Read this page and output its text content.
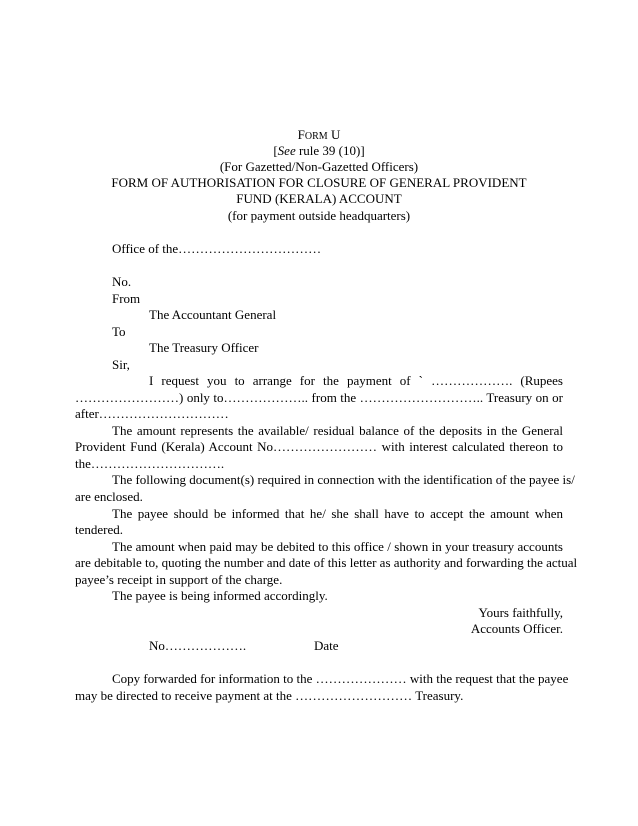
FORM U
[See rule 39 (10)]
(For Gazetted/Non-Gazetted Officers)
FORM OF AUTHORISATION FOR CLOSURE OF GENERAL PROVIDENT
FUND (KERALA) ACCOUNT
(for payment outside headquarters)
Office of the……………………………
No.
From
The Accountant General
To
The Treasury Officer
Sir,
I request you to arrange for the payment of ` ………………. (Rupees
……………………) only to……………….. from the ……………………….. Treasury on or
after…………………………
The amount represents the available/ residual balance of the deposits in the General
Provident Fund (Kerala) Account No…………………… with interest calculated thereon to
the………………………….
The following document(s) required in connection with the identification of the payee is/
are enclosed.
The payee should be informed that he/ she shall have to accept the amount when
tendered.
The amount when paid may be debited to this office / shown in your treasury accounts
are debitable to, quoting the number and date of this letter as authority and forwarding the actual
payee’s receipt in support of the charge.
The payee is being informed accordingly.
Yours faithfully,
Accounts Officer.
No……………….	Date
Copy forwarded for information to the ………………… with the request that the payee
may be directed to receive payment at the ……………………… Treasury.
